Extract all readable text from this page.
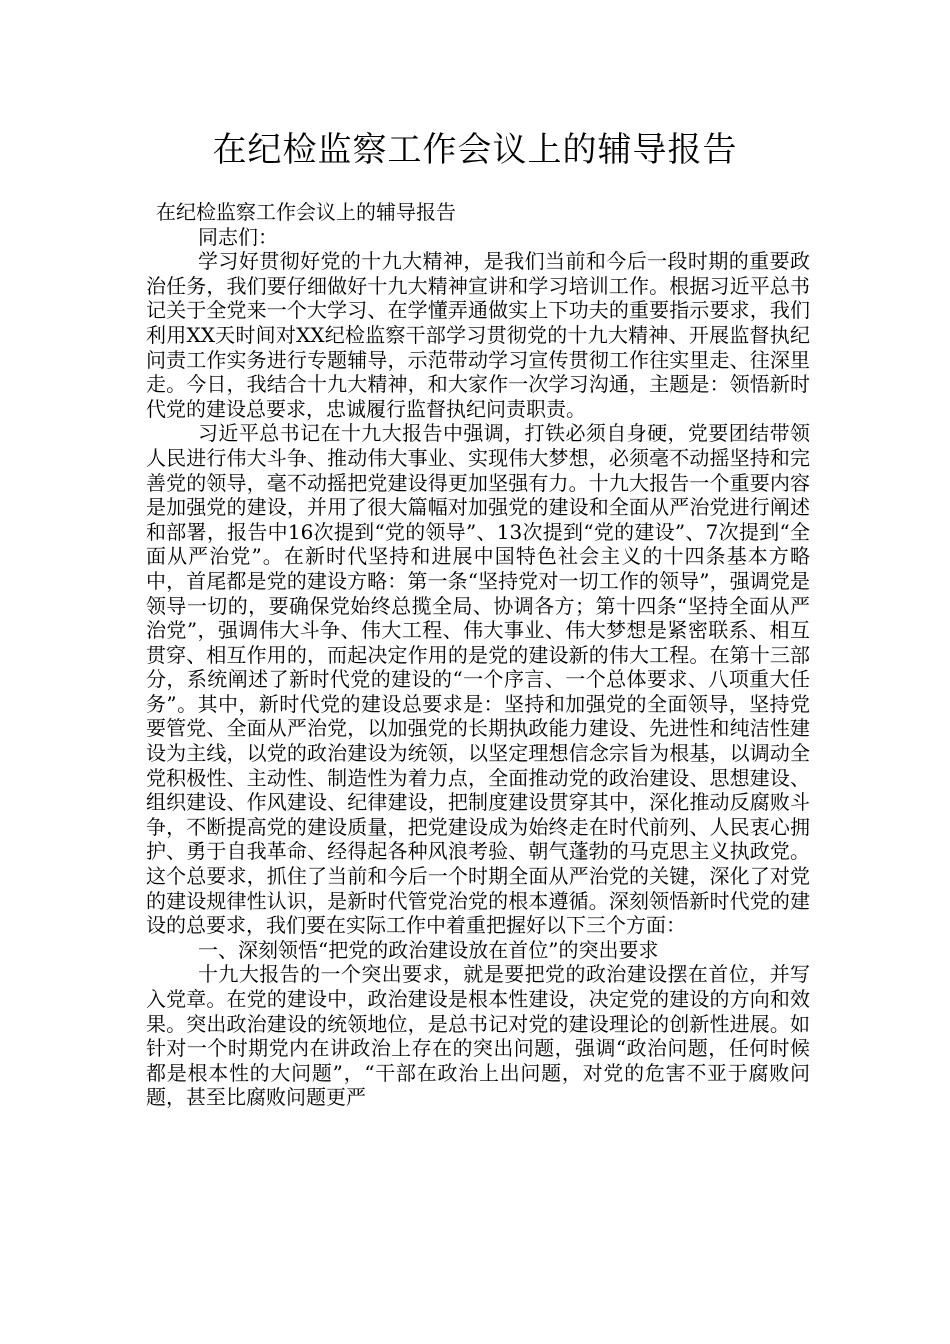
在纪检监察工作会议上的辅导报告

在纪检监察工作会议上的辅导报告

同志们：

学习好贯彻好党的十九大精神，是我们当前和今后一段时期的重要政治任务，我们要仔细做好十九大精神宣讲和学习培训工作。根据习近平总书记关于全党来一个大学习、在学懂弄通做实上下功夫的重要指示要求，我们利用XX天时间对XX纪检监察干部学习贯彻党的十九大精神、开展监督执纪问责工作实务进行专题辅导，示范带动学习宣传贯彻工作往实里走、往深里走。今日，我结合十九大精神，和大家作一次学习沟通，主题是：领悟新时代党的建设总要求，忠诚履行监督执纪问责职责。

习近平总书记在十九大报告中强调，打铁必须自身硬，党要团结带领人民进行伟大斗争、推动伟大事业、实现伟大梦想，必须毫不动摇坚持和完善党的领导，毫不动摇把党建设得更加坚强有力。十九大报告一个重要内容是加强党的建设，并用了很大篇幅对加强党的建设和全面从严治党进行阐述和部署，报告中16次提到“党的领导”、13次提到“党的建设”、7次提到“全面从严治党”。在新时代坚持和进展中国特色社会主义的十四条基本方略中，首尾都是党的建设方略：第一条“坚持党对一切工作的领导”，强调党是领导一切的，要确保党始终总揽全局、协调各方；第十四条“坚持全面从严治党”，强调伟大斗争、伟大工程、伟大事业、伟大梦想是紧密联系、相互贯穿、相互作用的，而起决定作用的是党的建设新的伟大工程。在第十三部分，系统阐述了新时代党的建设的“一个序言、一个总体要求、八项重大任务”。其中，新时代党的建设总要求是：坚持和加强党的全面领导，坚持党要管党、全面从严治党，以加强党的长期执政能力建设、先进性和纯洁性建设为主线，以党的政治建设为统领，以坚定理想信念宗旨为根基，以调动全党积极性、主动性、制造性为着力点，全面推动党的政治建设、思想建设、组织建设、作风建设、纪律建设，把制度建设贯穿其中，深化推动反腐败斗争，不断提高党的建设质量，把党建设成为始终走在时代前列、人民衷心拥护、勇于自我革命、经得起各种风浪考验、朝气蓬勃的马克思主义执政党。这个总要求，抓住了当前和今后一个时期全面从严治党的关键，深化了对党的建设规律性认识，是新时代管党治党的根本遵循。深刻领悟新时代党的建设的总要求，我们要在实际工作中着重把握好以下三个方面：

一、深刻领悟“把党的政治建设放在首位”的突出要求

十九大报告的一个突出要求，就是要把党的政治建设摆在首位，并写入党章。在党的建设中，政治建设是根本性建设，决定党的建设的方向和效果。突出政治建设的统领地位，是总书记对党的建设理论的创新性进展。如针对一个时期党内在讲政治上存在的突出问题，强调“政治问题，任何时候都是根本性的大问题”，“干部在政治上出问题，对党的危害不亚于腐败问题，甚至比腐败问题更严
